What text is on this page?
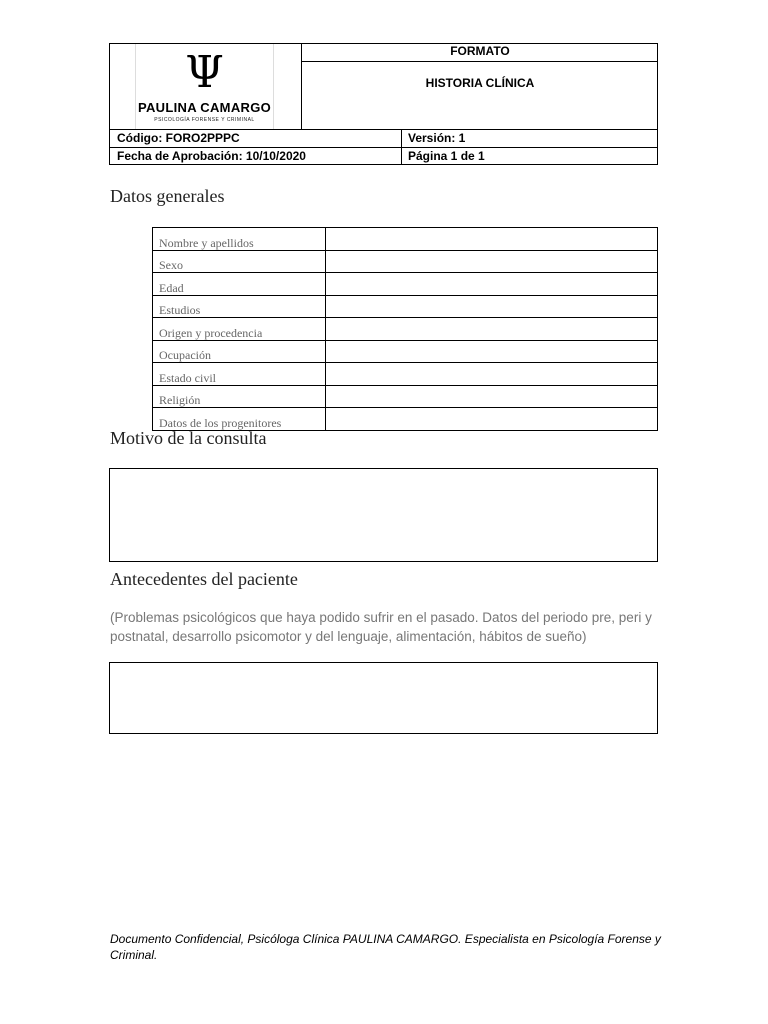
Ψ
PAULINA CAMARGO
PSICOLOGÍA FORENSE Y CRIMINAL
FORMATO
HISTORIA CLÍNICA
Código: FORO2PPPC	Versión: 1
Fecha de Aprobación: 10/10/2020	Página 1 de 1
Datos generales
Nombre y apellidos	
Sexo	
Edad	
Estudios	
Origen y procedencia	
Ocupación	
Estado civil	
Religión	
Datos de los progenitores	
Motivo de la consulta
Antecedentes del paciente
(Problemas psicológicos que haya podido sufrir en el pasado. Datos del periodo pre, peri y postnatal, desarrollo psicomotor y del lenguaje, alimentación, hábitos de sueño)
Documento Confidencial, Psicóloga Clínica PAULINA CAMARGO. Especialista en Psicología Forense y Criminal.
